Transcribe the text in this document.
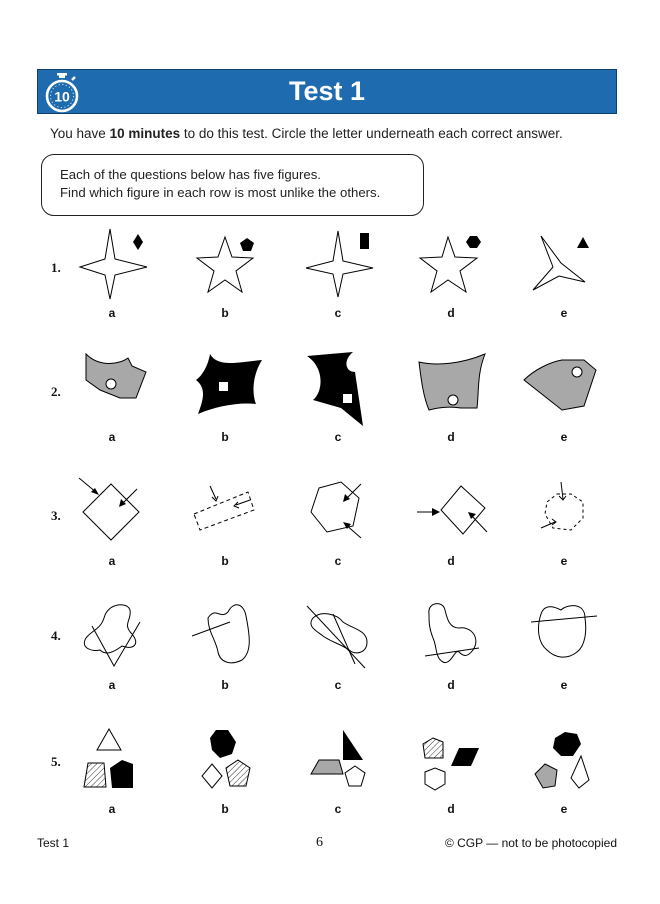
10	Test 1
You have 10 minutes to do this test. Circle the letter underneath each correct answer.
Each of the questions below has five figures.
Find which figure in each row is most unlike the others.
1.
a	b	c	d	e
2.
a	b	c	d	e
3.
a	b	c	d	e
4.
a	b	c	d	e
5.
a	b	c	d	e
Test 1	6	© CGP — not to be photocopied
